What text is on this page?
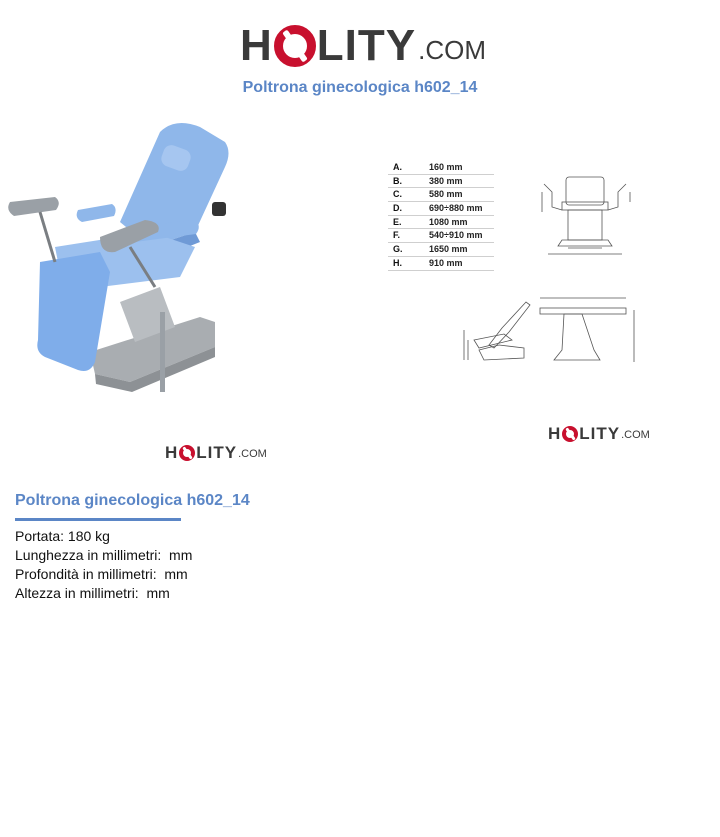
H LITY .COM
Poltrona ginecologica h602_14
A.	160 mm
B.	380 mm
C.	580 mm
D.	690÷880 mm
E.	1080 mm
F.	540÷910 mm
G.	1650 mm
H.	910 mm
H LITY .COM
H LITY .COM
Poltrona ginecologica h602_14
Portata: 180 kg
Lunghezza in millimetri:  mm
Profondità in millimetri:  mm
Altezza in millimetri:  mm
